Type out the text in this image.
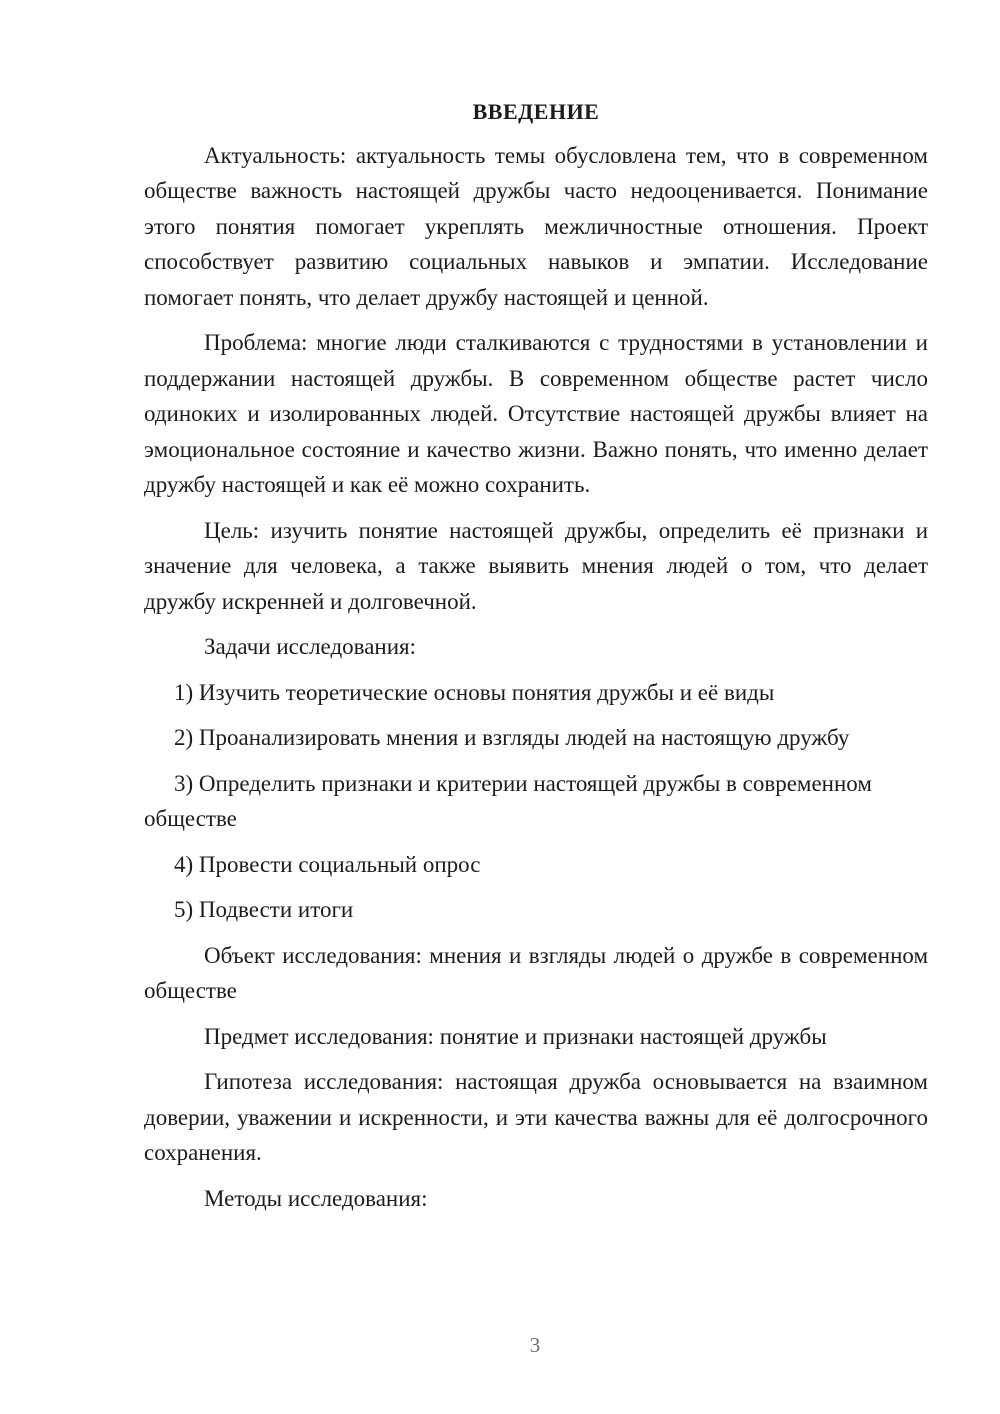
ВВЕДЕНИЕ

Актуальность: актуальность темы обусловлена тем, что в современном обществе важность настоящей дружбы часто недооценивается. Понимание этого понятия помогает укреплять межличностные отношения. Проект способствует развитию социальных навыков и эмпатии. Исследование помогает понять, что делает дружбу настоящей и ценной.

Проблема: многие люди сталкиваются с трудностями в установлении и поддержании настоящей дружбы. В современном обществе растет число одиноких и изолированных людей. Отсутствие настоящей дружбы влияет на эмоциональное состояние и качество жизни. Важно понять, что именно делает дружбу настоящей и как её можно сохранить.

Цель: изучить понятие настоящей дружбы, определить её признаки и значение для человека, а также выявить мнения людей о том, что делает дружбу искренней и долговечной.

Задачи исследования:

1) Изучить теоретические основы понятия дружбы и её виды

2) Проанализировать мнения и взгляды людей на настоящую дружбу

3) Определить признаки и критерии настоящей дружбы в современном обществе

4) Провести социальный опрос

5) Подвести итоги

Объект исследования: мнения и взгляды людей о дружбе в современном обществе

Предмет исследования: понятие и признаки настоящей дружбы

Гипотеза исследования: настоящая дружба основывается на взаимном доверии, уважении и искренности, и эти качества важны для её долгосрочного сохранения.

Методы исследования:

3
